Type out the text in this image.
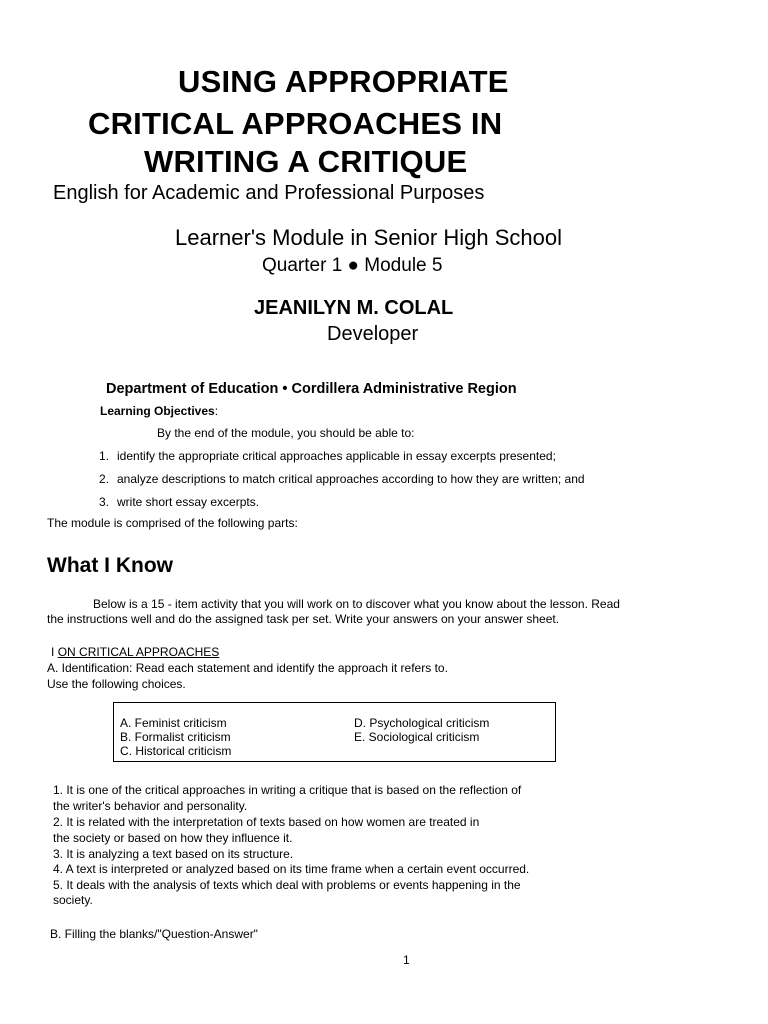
USING APPROPRIATE
CRITICAL APPROACHES IN
WRITING A CRITIQUE
English for Academic and Professional Purposes
Learner's Module in Senior High School
Quarter 1 ● Module 5
JEANILYN M. COLAL
Developer
Department of Education • Cordillera Administrative Region
Learning Objectives:
By the end of the module, you should be able to:
1. identify the appropriate critical approaches applicable in essay excerpts presented;
2. analyze descriptions to match critical approaches according to how they are written; and
3. write short essay excerpts.
The module is comprised of the following parts:
What I Know
Below is a 15 - item activity that you will work on to discover what you know about the lesson. Read
the instructions well and do the assigned task per set. Write your answers on your answer sheet.
I ON CRITICAL APPROACHES
A. Identification: Read each statement and identify the approach it refers to.
Use the following choices.
A. Feminist criticism
B. Formalist criticism
C. Historical criticism
D. Psychological criticism
E. Sociological criticism
1. It is one of the critical approaches in writing a critique that is based on the reflection of
the writer's behavior and personality.
2. It is related with the interpretation of texts based on how women are treated in
the society or based on how they influence it.
3. It is analyzing a text based on its structure.
4. A text is interpreted or analyzed based on its time frame when a certain event occurred.
5. It deals with the analysis of texts which deal with problems or events happening in the
society.
B. Filling the blanks/"Question-Answer"
1
